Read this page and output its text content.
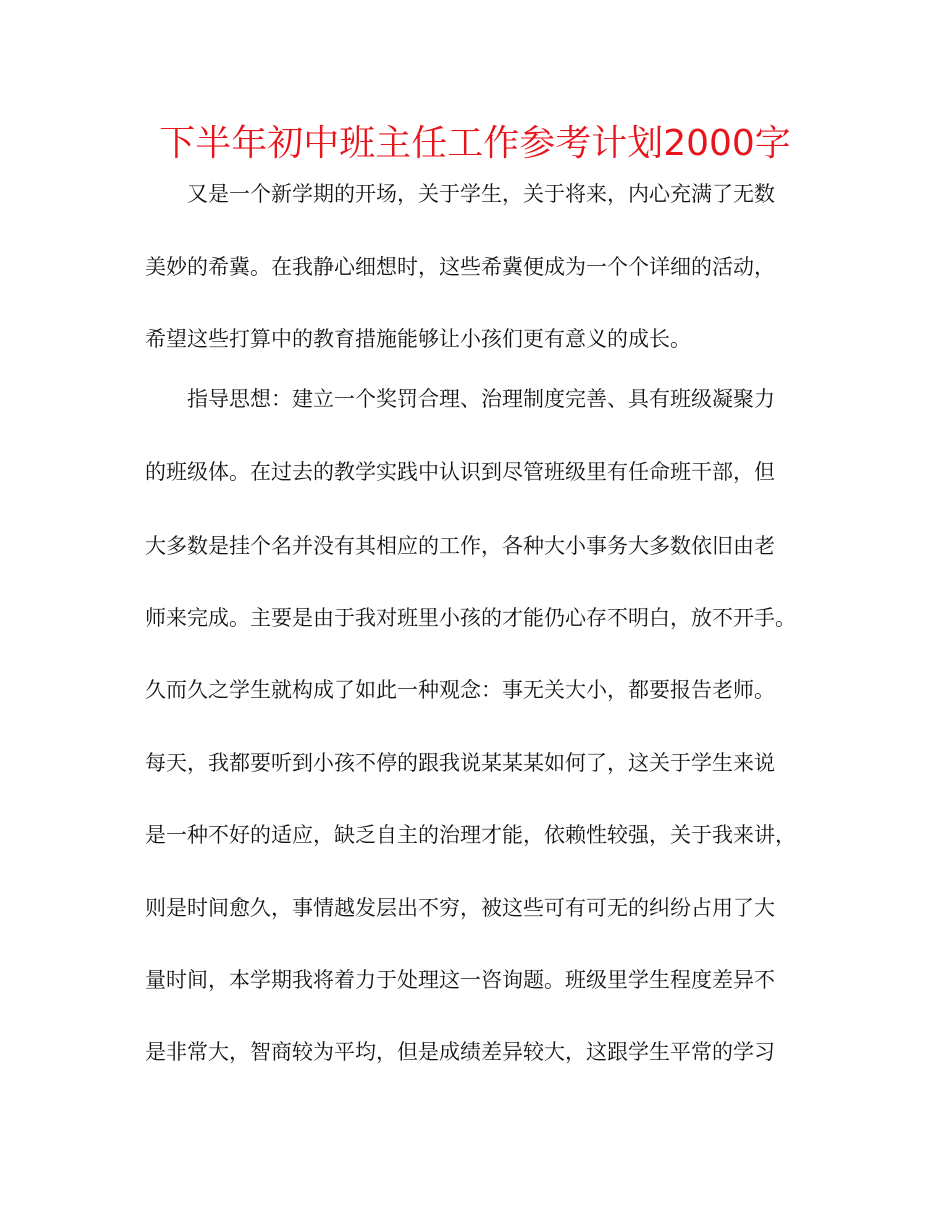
下半年初中班主任工作参考计划2000字
又是一个新学期的开场，关于学生，关于将来，内心充满了无数
美妙的希冀。在我静心细想时，这些希冀便成为一个个详细的活动，
希望这些打算中的教育措施能够让小孩们更有意义的成长。
指导思想：建立一个奖罚合理、治理制度完善、具有班级凝聚力
的班级体。在过去的教学实践中认识到尽管班级里有任命班干部，但
大多数是挂个名并没有其相应的工作，各种大小事务大多数依旧由老
师来完成。主要是由于我对班里小孩的才能仍心存不明白，放不开手。
久而久之学生就构成了如此一种观念：事无关大小，都要报告老师。
每天，我都要听到小孩不停的跟我说某某某如何了，这关于学生来说
是一种不好的适应，缺乏自主的治理才能，依赖性较强，关于我来讲，
则是时间愈久，事情越发层出不穷，被这些可有可无的纠纷占用了大
量时间，本学期我将着力于处理这一咨询题。班级里学生程度差异不
是非常大，智商较为平均，但是成绩差异较大，这跟学生平常的学习
